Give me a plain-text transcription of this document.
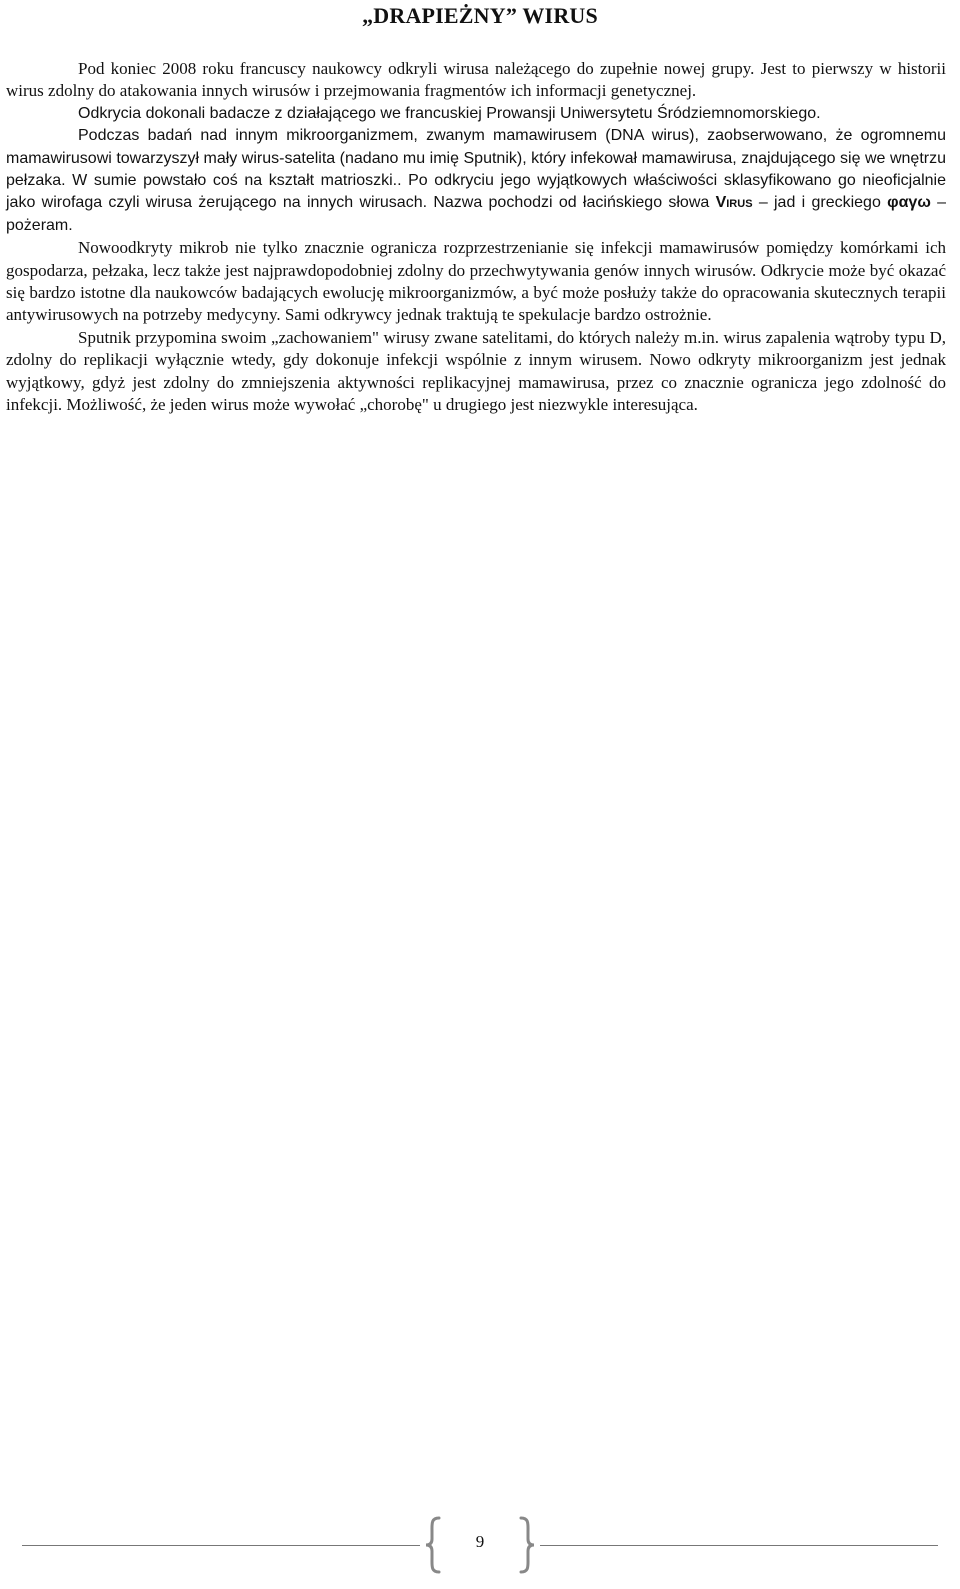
„DRAPIEŻNY” WIRUS

Pod koniec 2008 roku francuscy naukowcy odkryli wirusa należącego do zupełnie nowej grupy. Jest to pierwszy w historii wirus zdolny do atakowania innych wirusów i przejmowania fragmentów ich informacji genetycznej.

Odkrycia dokonali badacze z działającego we francuskiej Prowansji Uniwersytetu Śródziemnomorskiego.

Podczas badań nad innym mikroorganizmem, zwanym mamawirusem (DNA wirus), zaobserwowano, że ogromnemu mamawirusowi towarzyszył mały wirus-satelita (nadano mu imię Sputnik), który infekował mamawirusa, znajdującego się we wnętrzu pełzaka. W sumie powstało coś na kształt matrioszki.. Po odkryciu jego wyjątkowych właściwości sklasyfikowano go nieoficjalnie jako wirofaga czyli wirusa żerującego na innych wirusach. Nazwa pochodzi od łacińskiego słowa Virus – jad i greckiego φαγω – pożeram.

Nowoodkryty mikrob nie tylko znacznie ogranicza rozprzestrzenianie się infekcji mamawirusów pomiędzy komórkami ich gospodarza, pełzaka, lecz także jest najprawdopodobniej zdolny do przechwytywania genów innych wirusów. Odkrycie może być okazać się bardzo istotne dla naukowców badających ewolucję mikroorganizmów, a być może posłuży także do opracowania skutecznych terapii antywirusowych na potrzeby medycyny. Sami odkrywcy jednak traktują te spekulacje bardzo ostrożnie.

Sputnik przypomina swoim „zachowaniem" wirusy zwane satelitami, do których należy m.in. wirus zapalenia wątroby typu D, zdolny do replikacji wyłącznie wtedy, gdy dokonuje infekcji wspólnie z innym wirusem. Nowo odkryty mikroorganizm jest jednak wyjątkowy, gdyż jest zdolny do zmniejszenia aktywności replikacyjnej mamawirusa, przez co znacznie ogranicza jego zdolność do infekcji. Możliwość, że jeden wirus może wywołać „chorobę" u drugiego jest niezwykle interesująca.

9
